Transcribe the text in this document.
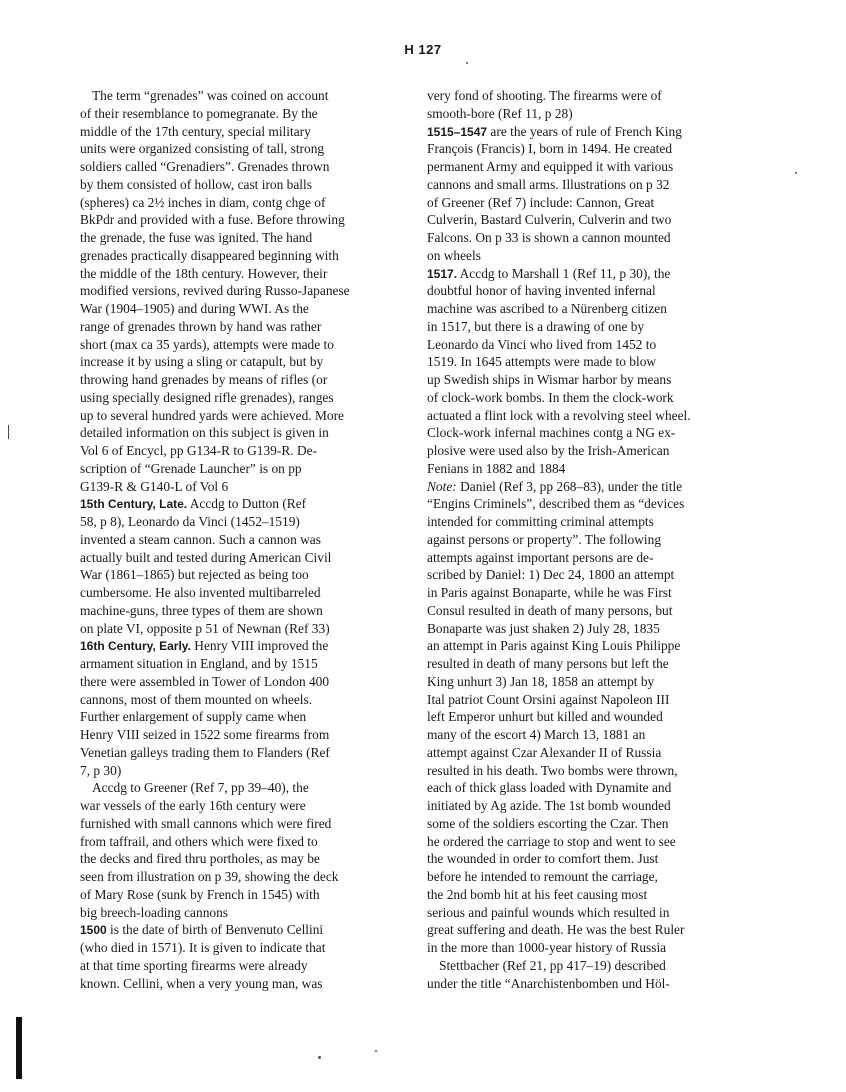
H 127
The term “grenades” was coined on account
of their resemblance to pomegranate. By the
middle of the 17th century, special military
units were organized consisting of tall, strong
soldiers called “Grenadiers”. Grenades thrown
by them consisted of hollow, cast iron balls
(spheres) ca 2½ inches in diam, contg chge of
BkPdr and provided with a fuse. Before throwing
the grenade, the fuse was ignited. The hand
grenades practically disappeared beginning with
the middle of the 18th century. However, their
modified versions, revived during Russo-Japanese
War (1904–1905) and during WWI. As the
range of grenades thrown by hand was rather
short (max ca 35 yards), attempts were made to
increase it by using a sling or catapult, but by
throwing hand grenades by means of rifles (or
using specially designed rifle grenades), ranges
up to several hundred yards were achieved. More
detailed information on this subject is given in
Vol 6 of Encycl, pp G134-R to G139-R. De-
scription of “Grenade Launcher” is on pp
G139-R & G140-L of Vol 6
15th Century, Late. Accdg to Dutton (Ref
58, p 8), Leonardo da Vinci (1452–1519)
invented a steam cannon. Such a cannon was
actually built and tested during American Civil
War (1861–1865) but rejected as being too
cumbersome. He also invented multibarreled
machine-guns, three types of them are shown
on plate VI, opposite p 51 of Newnan (Ref 33)
16th Century, Early. Henry VIII improved the
armament situation in England, and by 1515
there were assembled in Tower of London 400
cannons, most of them mounted on wheels.
Further enlargement of supply came when
Henry VIII seized in 1522 some firearms from
Venetian galleys trading them to Flanders (Ref
7, p 30)
Accdg to Greener (Ref 7, pp 39–40), the
war vessels of the early 16th century were
furnished with small cannons which were fired
from taffrail, and others which were fixed to
the decks and fired thru portholes, as may be
seen from illustration on p 39, showing the deck
of Mary Rose (sunk by French in 1545) with
big breech-loading cannons
1500 is the date of birth of Benvenuto Cellini
(who died in 1571). It is given to indicate that
at that time sporting firearms were already
known. Cellini, when a very young man, was
very fond of shooting. The firearms were of
smooth-bore (Ref 11, p 28)
1515–1547 are the years of rule of French King
François (Francis) I, born in 1494. He created
permanent Army and equipped it with various
cannons and small arms. Illustrations on p 32
of Greener (Ref 7) include: Cannon, Great
Culverin, Bastard Culverin, Culverin and two
Falcons. On p 33 is shown a cannon mounted
on wheels
1517. Accdg to Marshall 1 (Ref 11, p 30), the
doubtful honor of having invented infernal
machine was ascribed to a Nürenberg citizen
in 1517, but there is a drawing of one by
Leonardo da Vinci who lived from 1452 to
1519. In 1645 attempts were made to blow
up Swedish ships in Wismar harbor by means
of clock-work bombs. In them the clock-work
actuated a flint lock with a revolving steel wheel.
Clock-work infernal machines contg a NG ex-
plosive were used also by the Irish-American
Fenians in 1882 and 1884
Note: Daniel (Ref 3, pp 268–83), under the title
“Engins Criminels”, described them as “devices
intended for committing criminal attempts
against persons or property”. The following
attempts against important persons are de-
scribed by Daniel: 1) Dec 24, 1800 an attempt
in Paris against Bonaparte, while he was First
Consul resulted in death of many persons, but
Bonaparte was just shaken 2) July 28, 1835
an attempt in Paris against King Louis Philippe
resulted in death of many persons but left the
King unhurt 3) Jan 18, 1858 an attempt by
Ital patriot Count Orsini against Napoleon III
left Emperor unhurt but killed and wounded
many of the escort 4) March 13, 1881 an
attempt against Czar Alexander II of Russia
resulted in his death. Two bombs were thrown,
each of thick glass loaded with Dynamite and
initiated by Ag azide. The 1st bomb wounded
some of the soldiers escorting the Czar. Then
he ordered the carriage to stop and went to see
the wounded in order to comfort them. Just
before he intended to remount the carriage,
the 2nd bomb hit at his feet causing most
serious and painful wounds which resulted in
great suffering and death. He was the best Ruler
in the more than 1000-year history of Russia
Stettbacher (Ref 21, pp 417–19) described
under the title “Anarchistenbomben und Höl-
